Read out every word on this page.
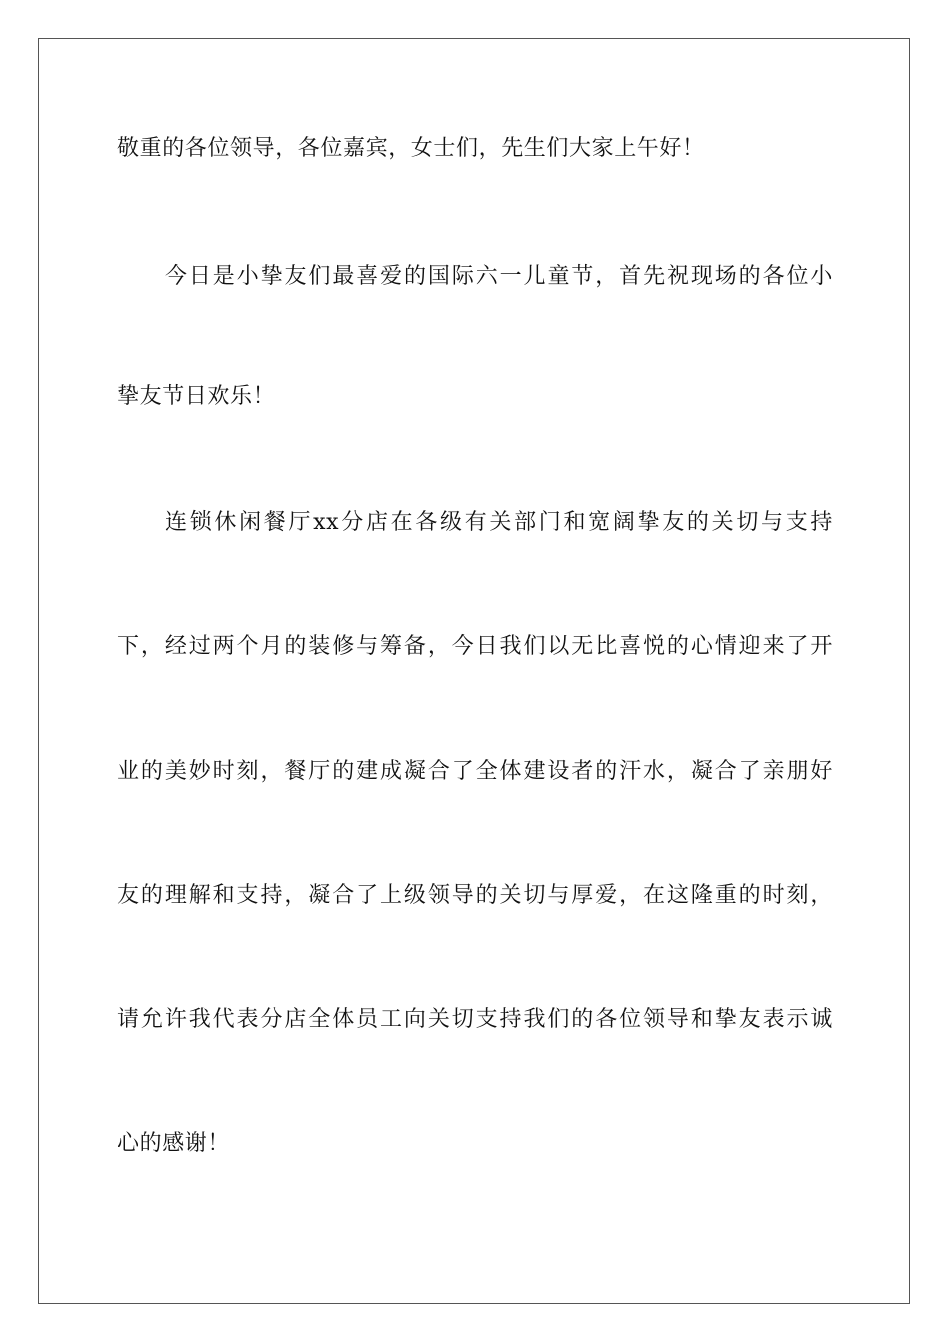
敬重的各位领导，各位嘉宾，女士们，先生们大家上午好！
今日是小挚友们最喜爱的国际六一儿童节，首先祝现场的各位小
挚友节日欢乐！
连锁休闲餐厅xx分店在各级有关部门和宽阔挚友的关切与支持
下，经过两个月的装修与筹备，今日我们以无比喜悦的心情迎来了开
业的美妙时刻，餐厅的建成凝合了全体建设者的汗水，凝合了亲朋好
友的理解和支持，凝合了上级领导的关切与厚爱，在这隆重的时刻，
请允许我代表分店全体员工向关切支持我们的各位领导和挚友表示诚
心的感谢！
